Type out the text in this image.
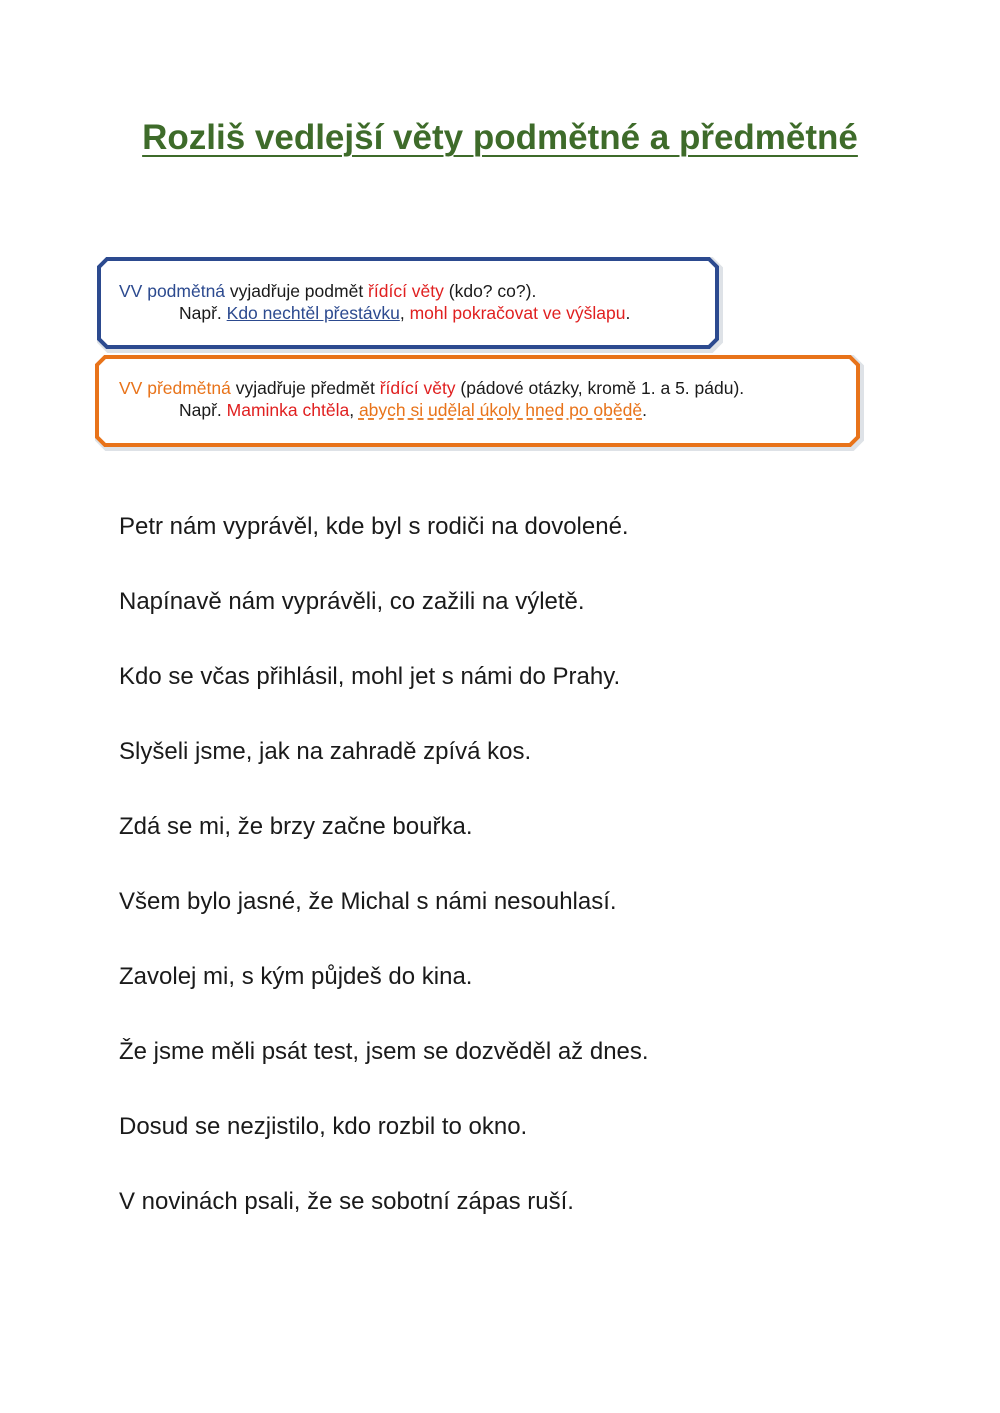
Rozliš vedlejší věty podmětné a předmětné
VV podmětná vyjadřuje podmět řídící věty (kdo? co?).
Např. Kdo nechtěl přestávku, mohl pokračovat ve výšlapu.
VV předmětná vyjadřuje předmět řídící věty (pádové otázky, kromě 1. a 5. pádu).
Např. Maminka chtěla, abych si udělal úkoly hned po obědě.

Petr nám vyprávěl, kde byl s rodiči na dovolené.

Napínavě nám vyprávěli, co zažili na výletě.

Kdo se včas přihlásil, mohl jet s námi do Prahy.

Slyšeli jsme, jak na zahradě zpívá kos.

Zdá se mi, že brzy začne bouřka.

Všem bylo jasné, že Michal s námi nesouhlasí.

Zavolej mi, s kým půjdeš do kina.

Že jsme měli psát test, jsem se dozvěděl až dnes.

Dosud se nezjistilo, kdo rozbil to okno.

V novinách psali, že se sobotní zápas ruší.
